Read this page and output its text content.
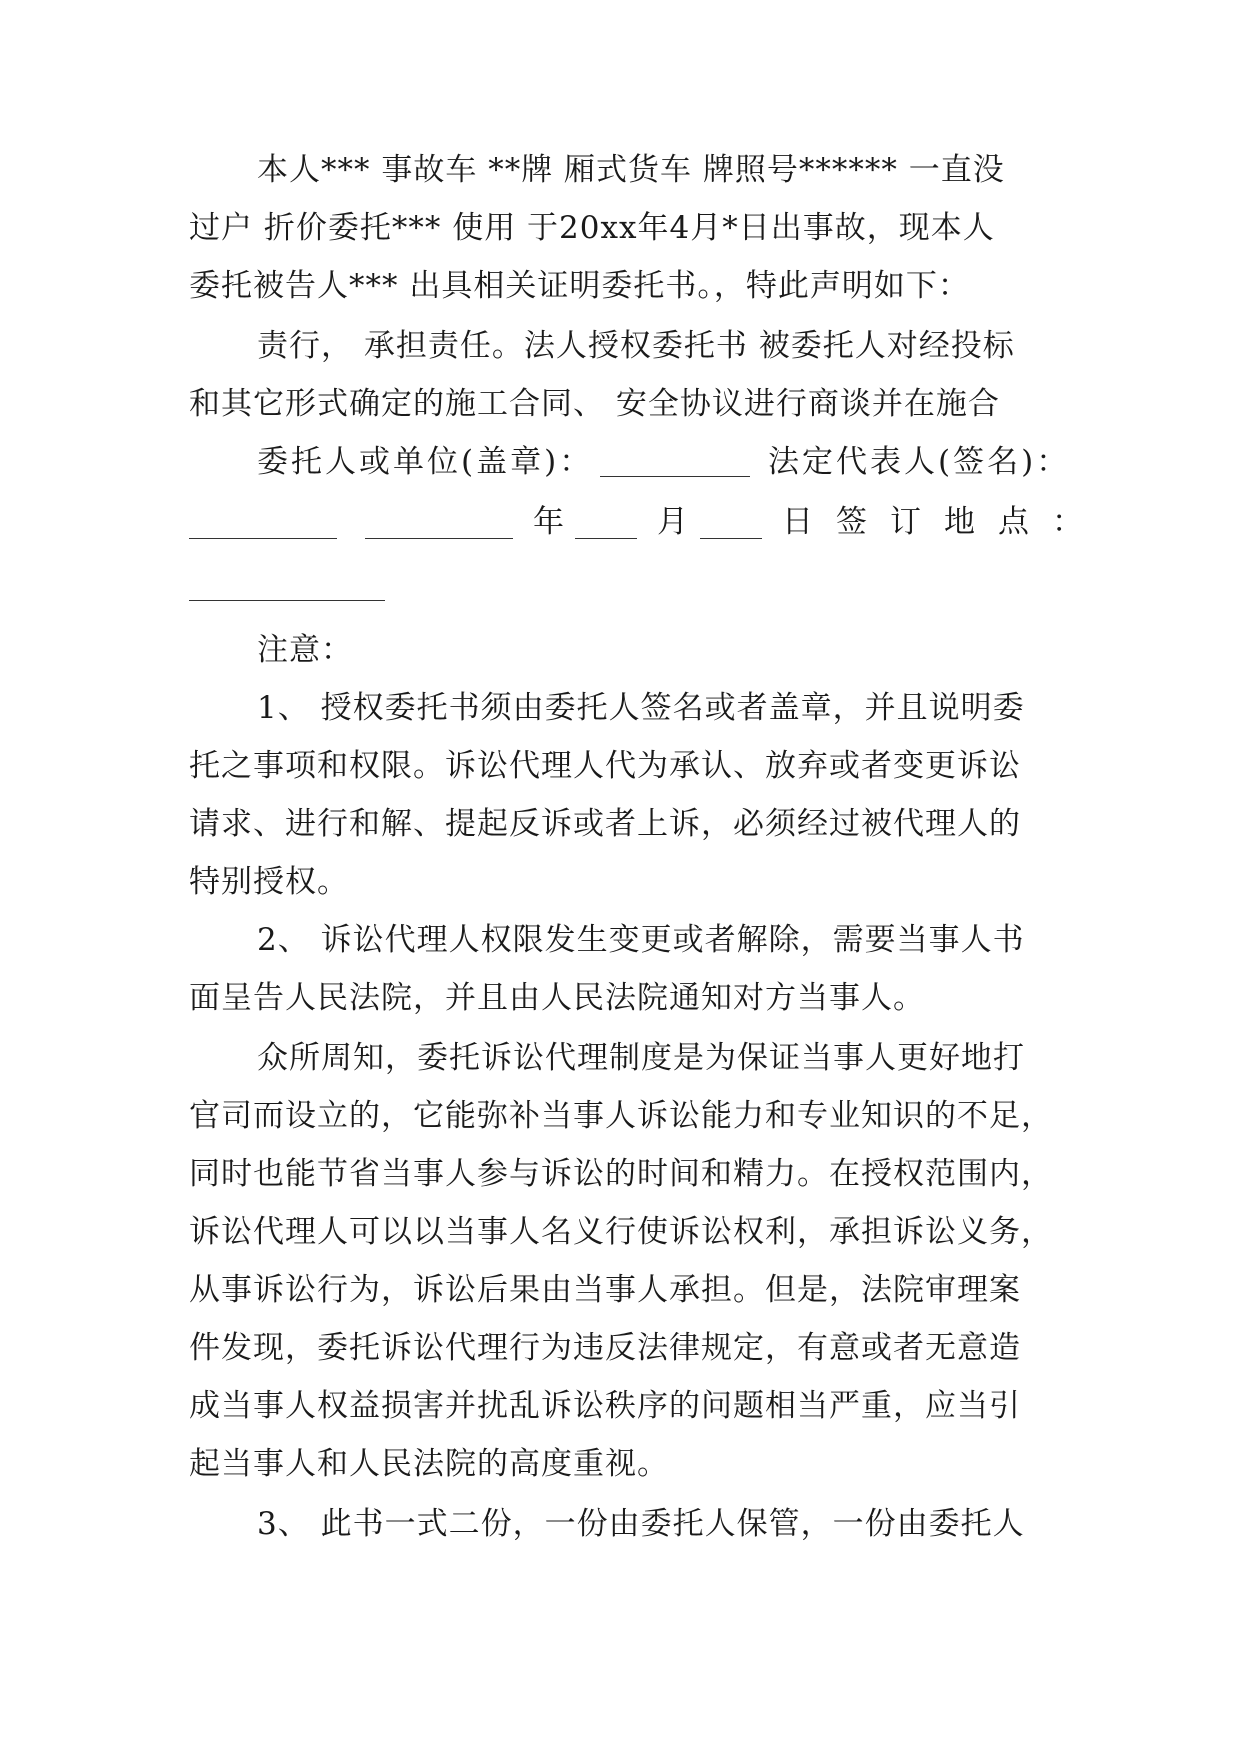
本人*** 事故车 **牌 厢式货车 牌照号****** 一直没
过户 折价委托*** 使用 于20xx年4月*日出事故，现本人
委托被告人*** 出具相关证明委托书。，特此声明如下：
责行， 承担责任。法人授权委托书 被委托人对经投标
和其它形式确定的施工合同、 安全协议进行商谈并在施合
委托人或单位(盖章)：	法定代表人(签名)：
年	月	日签订地点：
注意：
1、 授权委托书须由委托人签名或者盖章，并且说明委
托之事项和权限。诉讼代理人代为承认、放弃或者变更诉讼
请求、进行和解、提起反诉或者上诉，必须经过被代理人的
特别授权。
2、 诉讼代理人权限发生变更或者解除，需要当事人书
面呈告人民法院，并且由人民法院通知对方当事人。
众所周知，委托诉讼代理制度是为保证当事人更好地打
官司而设立的，它能弥补当事人诉讼能力和专业知识的不足，
同时也能节省当事人参与诉讼的时间和精力。在授权范围内，
诉讼代理人可以以当事人名义行使诉讼权利，承担诉讼义务，
从事诉讼行为，诉讼后果由当事人承担。但是，法院审理案
件发现，委托诉讼代理行为违反法律规定，有意或者无意造
成当事人权益损害并扰乱诉讼秩序的问题相当严重，应当引
起当事人和人民法院的高度重视。
3、 此书一式二份，一份由委托人保管，一份由委托人
